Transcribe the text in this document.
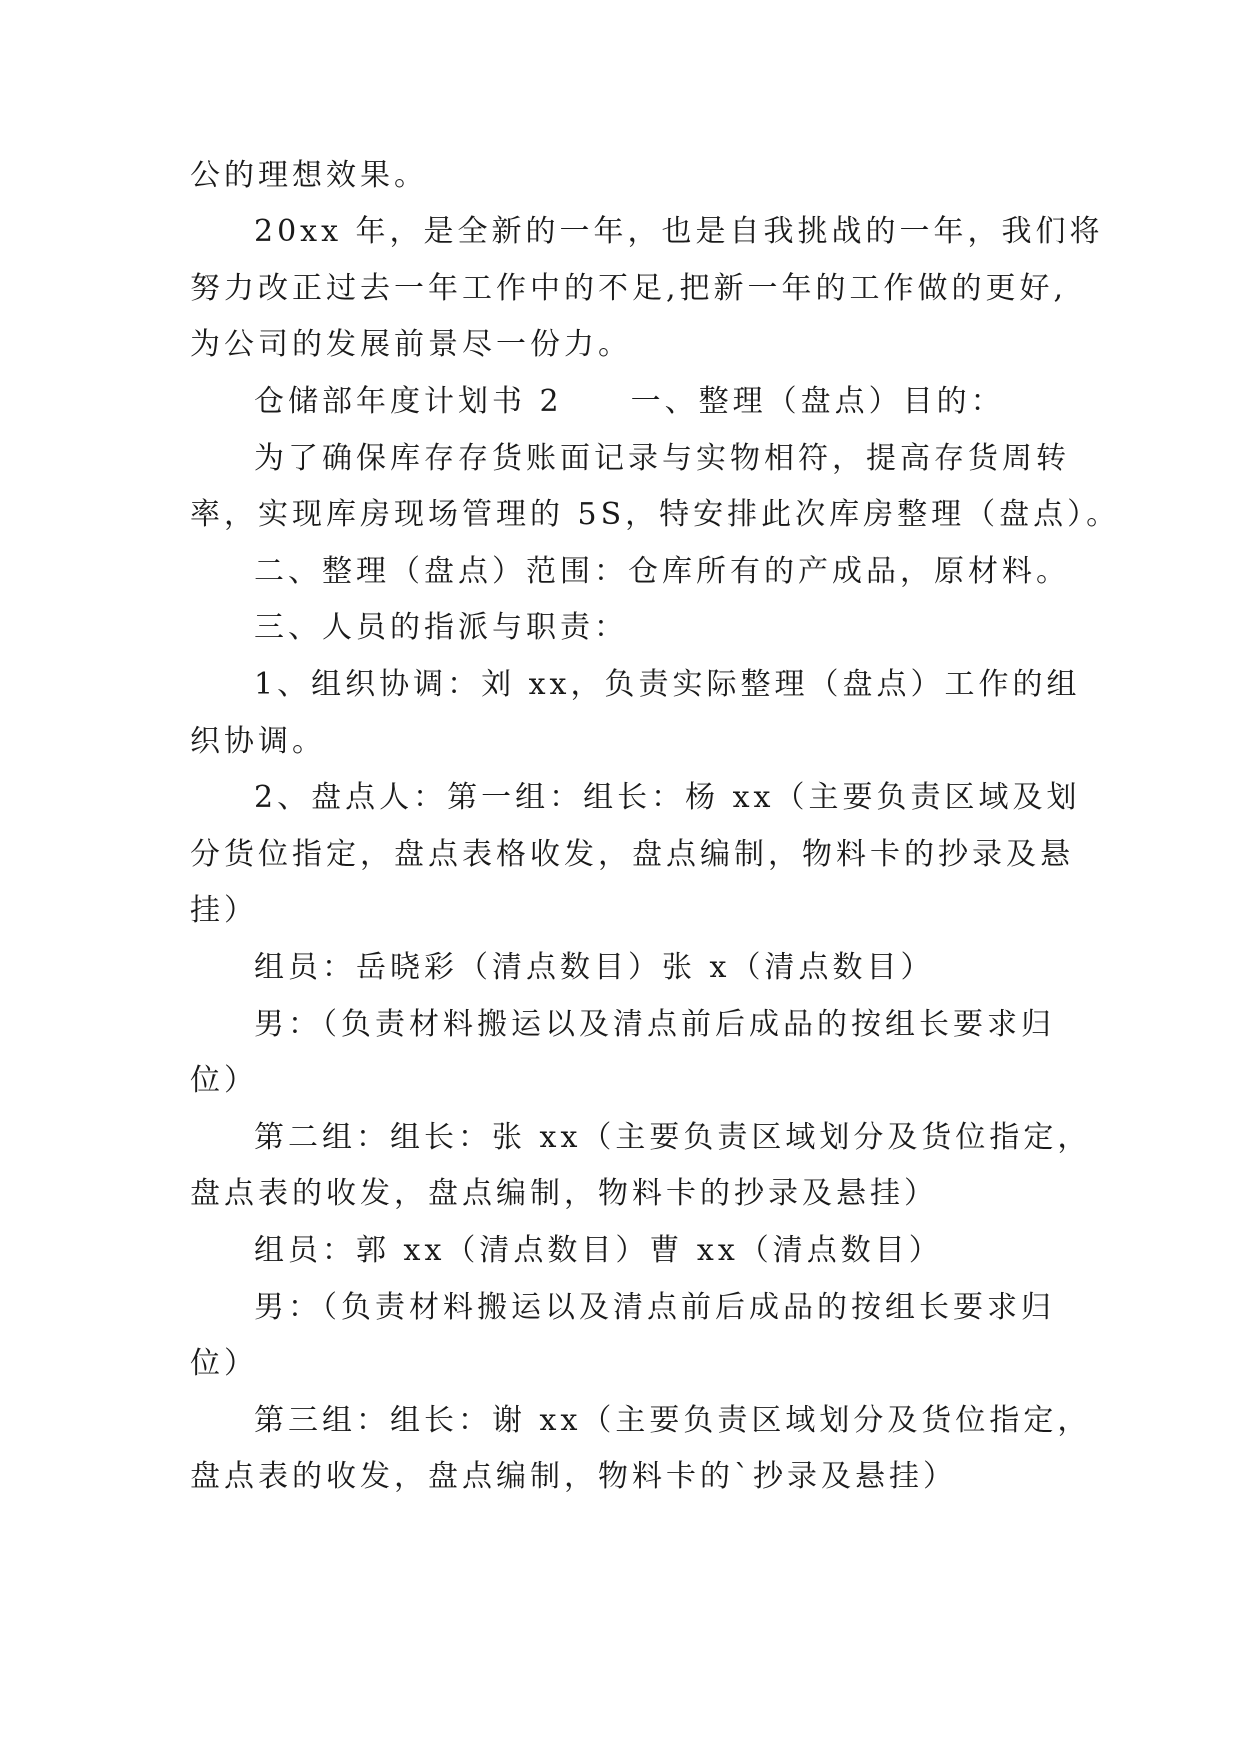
公的理想效果。
20xx 年，是全新的一年，也是自我挑战的一年，我们将
努力改正过去一年工作中的不足,把新一年的工作做的更好,
为公司的发展前景尽一份力。
仓储部年度计划书 2　　一、整理（盘点）目的：
为了确保库存存货账面记录与实物相符，提高存货周转
率，实现库房现场管理的 5S，特安排此次库房整理（盘点）。
二、整理（盘点）范围：仓库所有的产成品，原材料。
三、人员的指派与职责：
1、组织协调：刘 xx，负责实际整理（盘点）工作的组
织协调。
2、盘点人：第一组：组长：杨 xx（主要负责区域及划
分货位指定，盘点表格收发，盘点编制，物料卡的抄录及悬
挂）
组员：岳晓彩（清点数目）张 x（清点数目）
男：（负责材料搬运以及清点前后成品的按组长要求归
位）
第二组：组长：张 xx（主要负责区域划分及货位指定，
盘点表的收发，盘点编制，物料卡的抄录及悬挂）
组员：郭 xx（清点数目）曹 xx（清点数目）
男：（负责材料搬运以及清点前后成品的按组长要求归
位）
第三组：组长：谢 xx（主要负责区域划分及货位指定，
盘点表的收发，盘点编制，物料卡的`抄录及悬挂）
